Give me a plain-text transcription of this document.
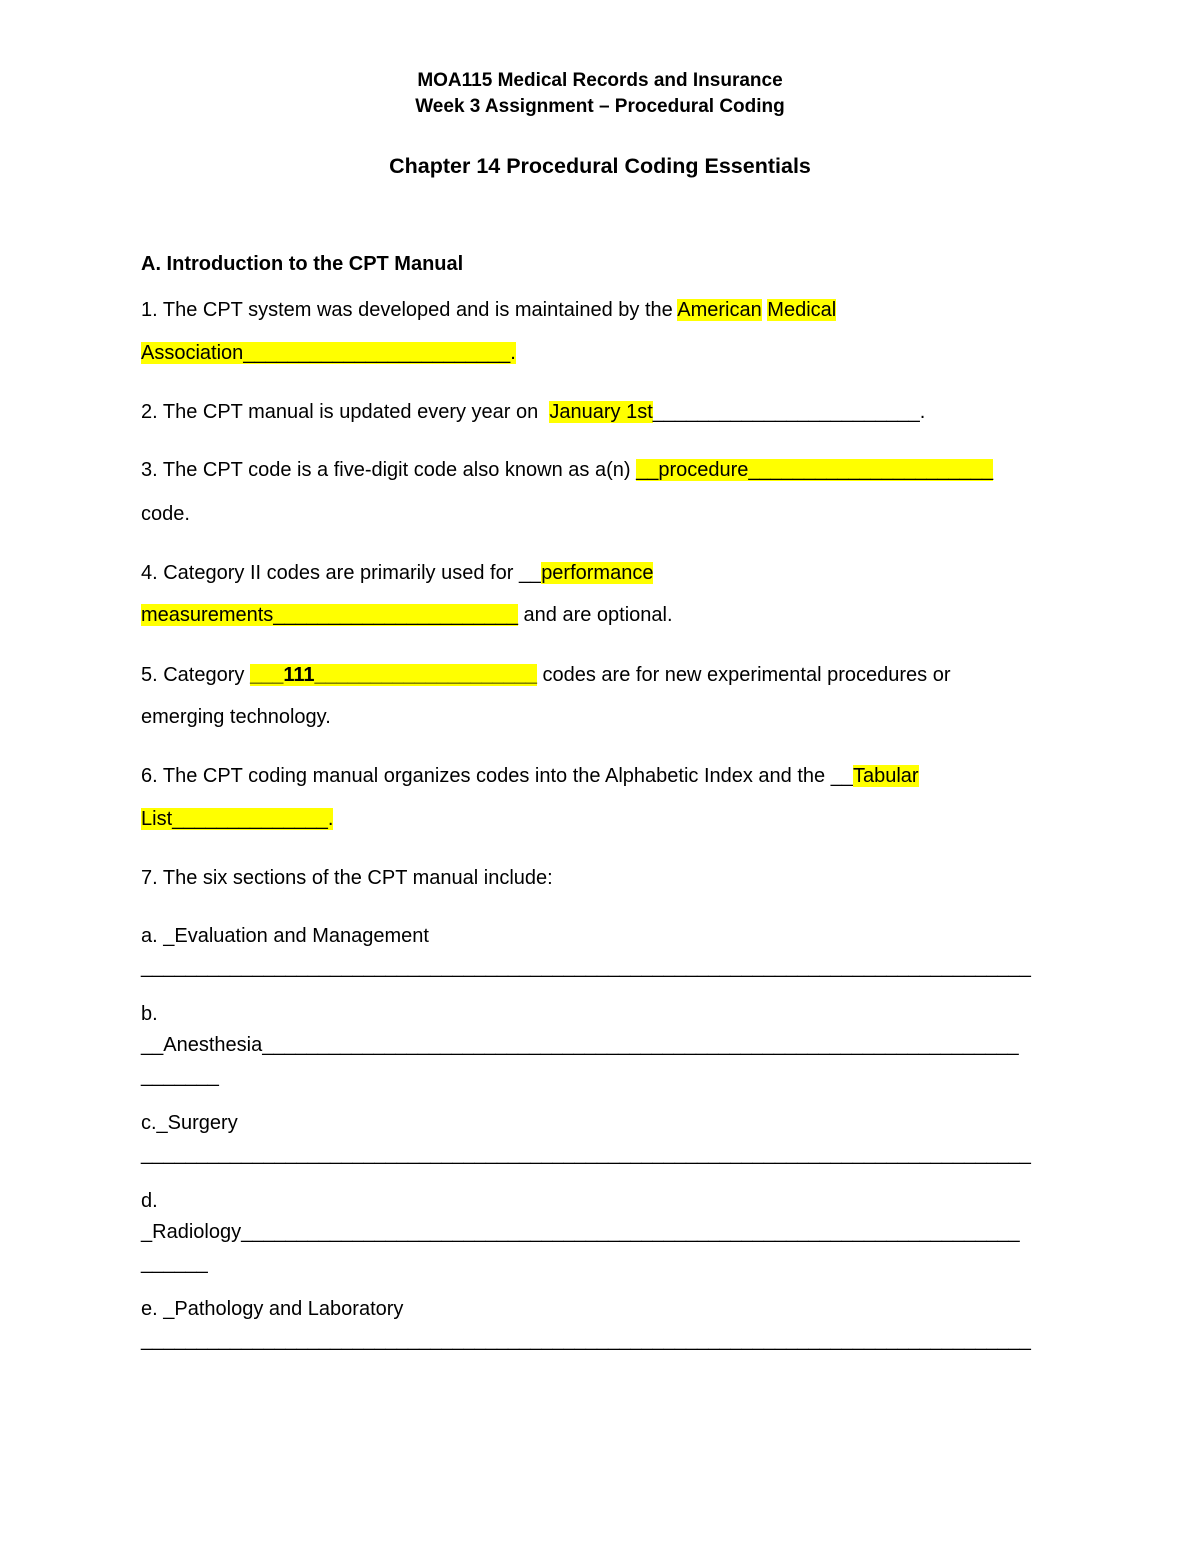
MOA115 Medical Records and Insurance
Week 3 Assignment – Procedural Coding
Chapter 14 Procedural Coding Essentials
A. Introduction to the CPT Manual
1. The CPT system was developed and is maintained by the American Medical
Association________________________.
2. The CPT manual is updated every year on  January 1st________________________.
3. The CPT code is a five-digit code also known as a(n) __procedure______________________
code.
4. Category II codes are primarily used for __performance
measurements______________________ and are optional.
5. Category ___111____________________ codes are for new experimental procedures or
emerging technology.
6. The CPT coding manual organizes codes into the Alphabetic Index and the __Tabular
List______________.
7. The six sections of the CPT manual include:
a. _Evaluation and Management
________________________________________________________________________________
b.
__Anesthesia____________________________________________________________________
_______
c._Surgery
________________________________________________________________________________
d.
_Radiology______________________________________________________________________
______
e. _Pathology and Laboratory
________________________________________________________________________________
